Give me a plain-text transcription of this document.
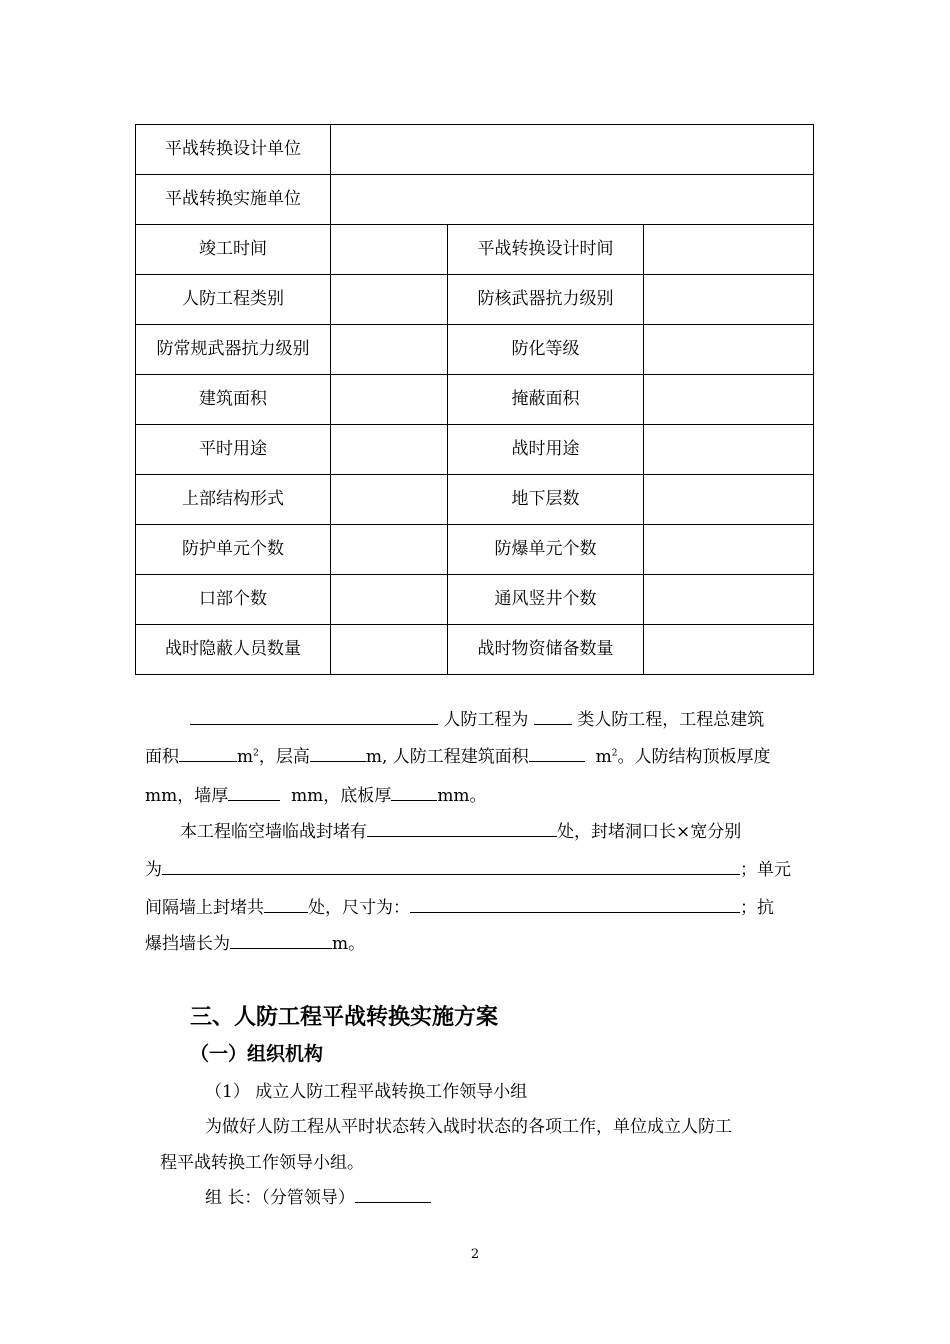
平战转换设计单位			
平战转换实施单位			
竣工时间		平战转换设计时间	
人防工程类别		防核武器抗力级别	
防常规武器抗力级别		防化等级	
建筑面积		掩蔽面积	
平时用途		战时用途	
上部结构形式		地下层数	
防护单元个数		防爆单元个数	
口部个数		通风竖井个数	
战时隐蔽人员数量		战时物资储备数量	
人防工程为	类人防工程，工程总建筑
面积	$m^2$，层高	m, 人防工程建筑面积	$m^2$。人防结构顶板厚度
mm，墙厚	mm，底板厚	mm。
本工程临空墙临战封堵有	处，封堵洞口长×宽分别
为	；单元
间隔墙上封堵共	处，尺寸为：	；抗
爆挡墙长为	m。
三、人防工程平战转换实施方案
（一）组织机构
（1） 成立人防工程平战转换工作领导小组
为做好人防工程从平时状态转入战时状态的各项工作，单位成立人防工
程平战转换工作领导小组。
组 长：（分管领导）
2
